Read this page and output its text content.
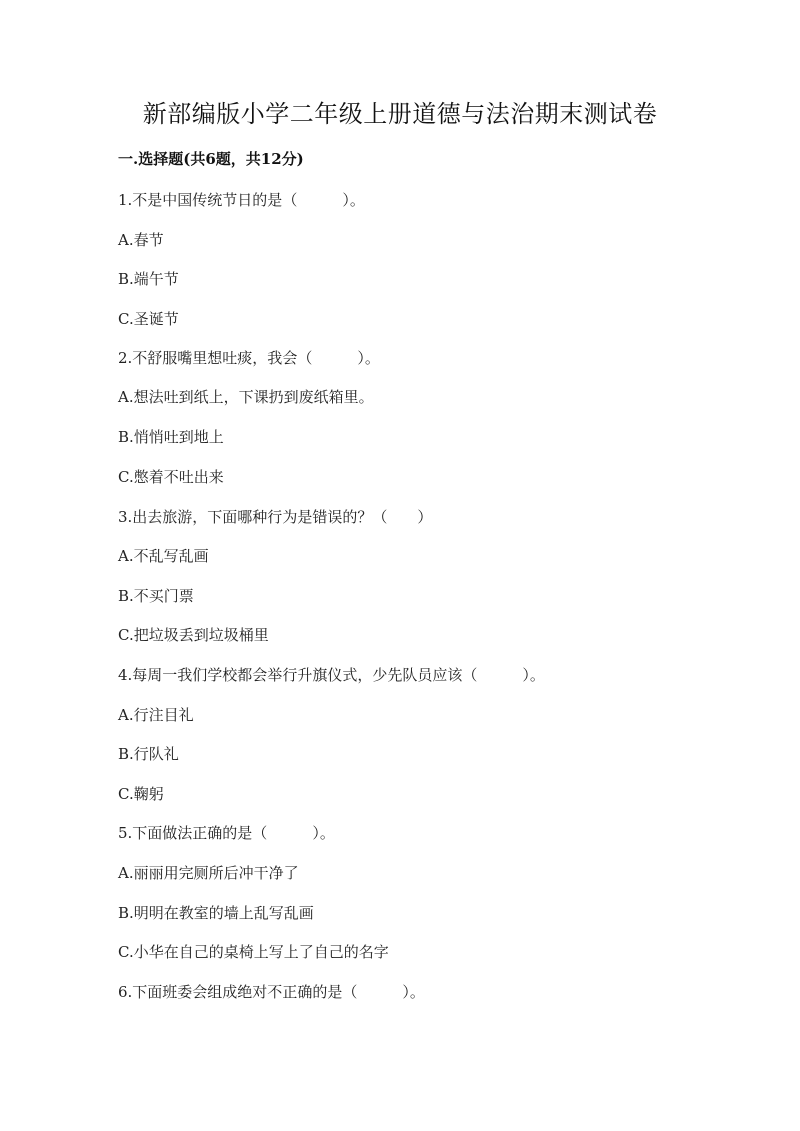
新部编版小学二年级上册道德与法治期末测试卷
一.选择题(共6题，共12分)
1.不是中国传统节日的是（　　　）。
A.春节
B.端午节
C.圣诞节
2.不舒服嘴里想吐痰，我会（　　　）。
A.想法吐到纸上，下课扔到废纸箱里。
B.悄悄吐到地上
C.憋着不吐出来
3.出去旅游，下面哪种行为是错误的？（　　）
A.不乱写乱画
B.不买门票
C.把垃圾丢到垃圾桶里
4.每周一我们学校都会举行升旗仪式，少先队员应该（　　　）。
A.行注目礼
B.行队礼
C.鞠躬
5.下面做法正确的是（　　　）。
A.丽丽用完厕所后冲干净了
B.明明在教室的墙上乱写乱画
C.小华在自己的桌椅上写上了自己的名字
6.下面班委会组成绝对不正确的是（　　　）。
